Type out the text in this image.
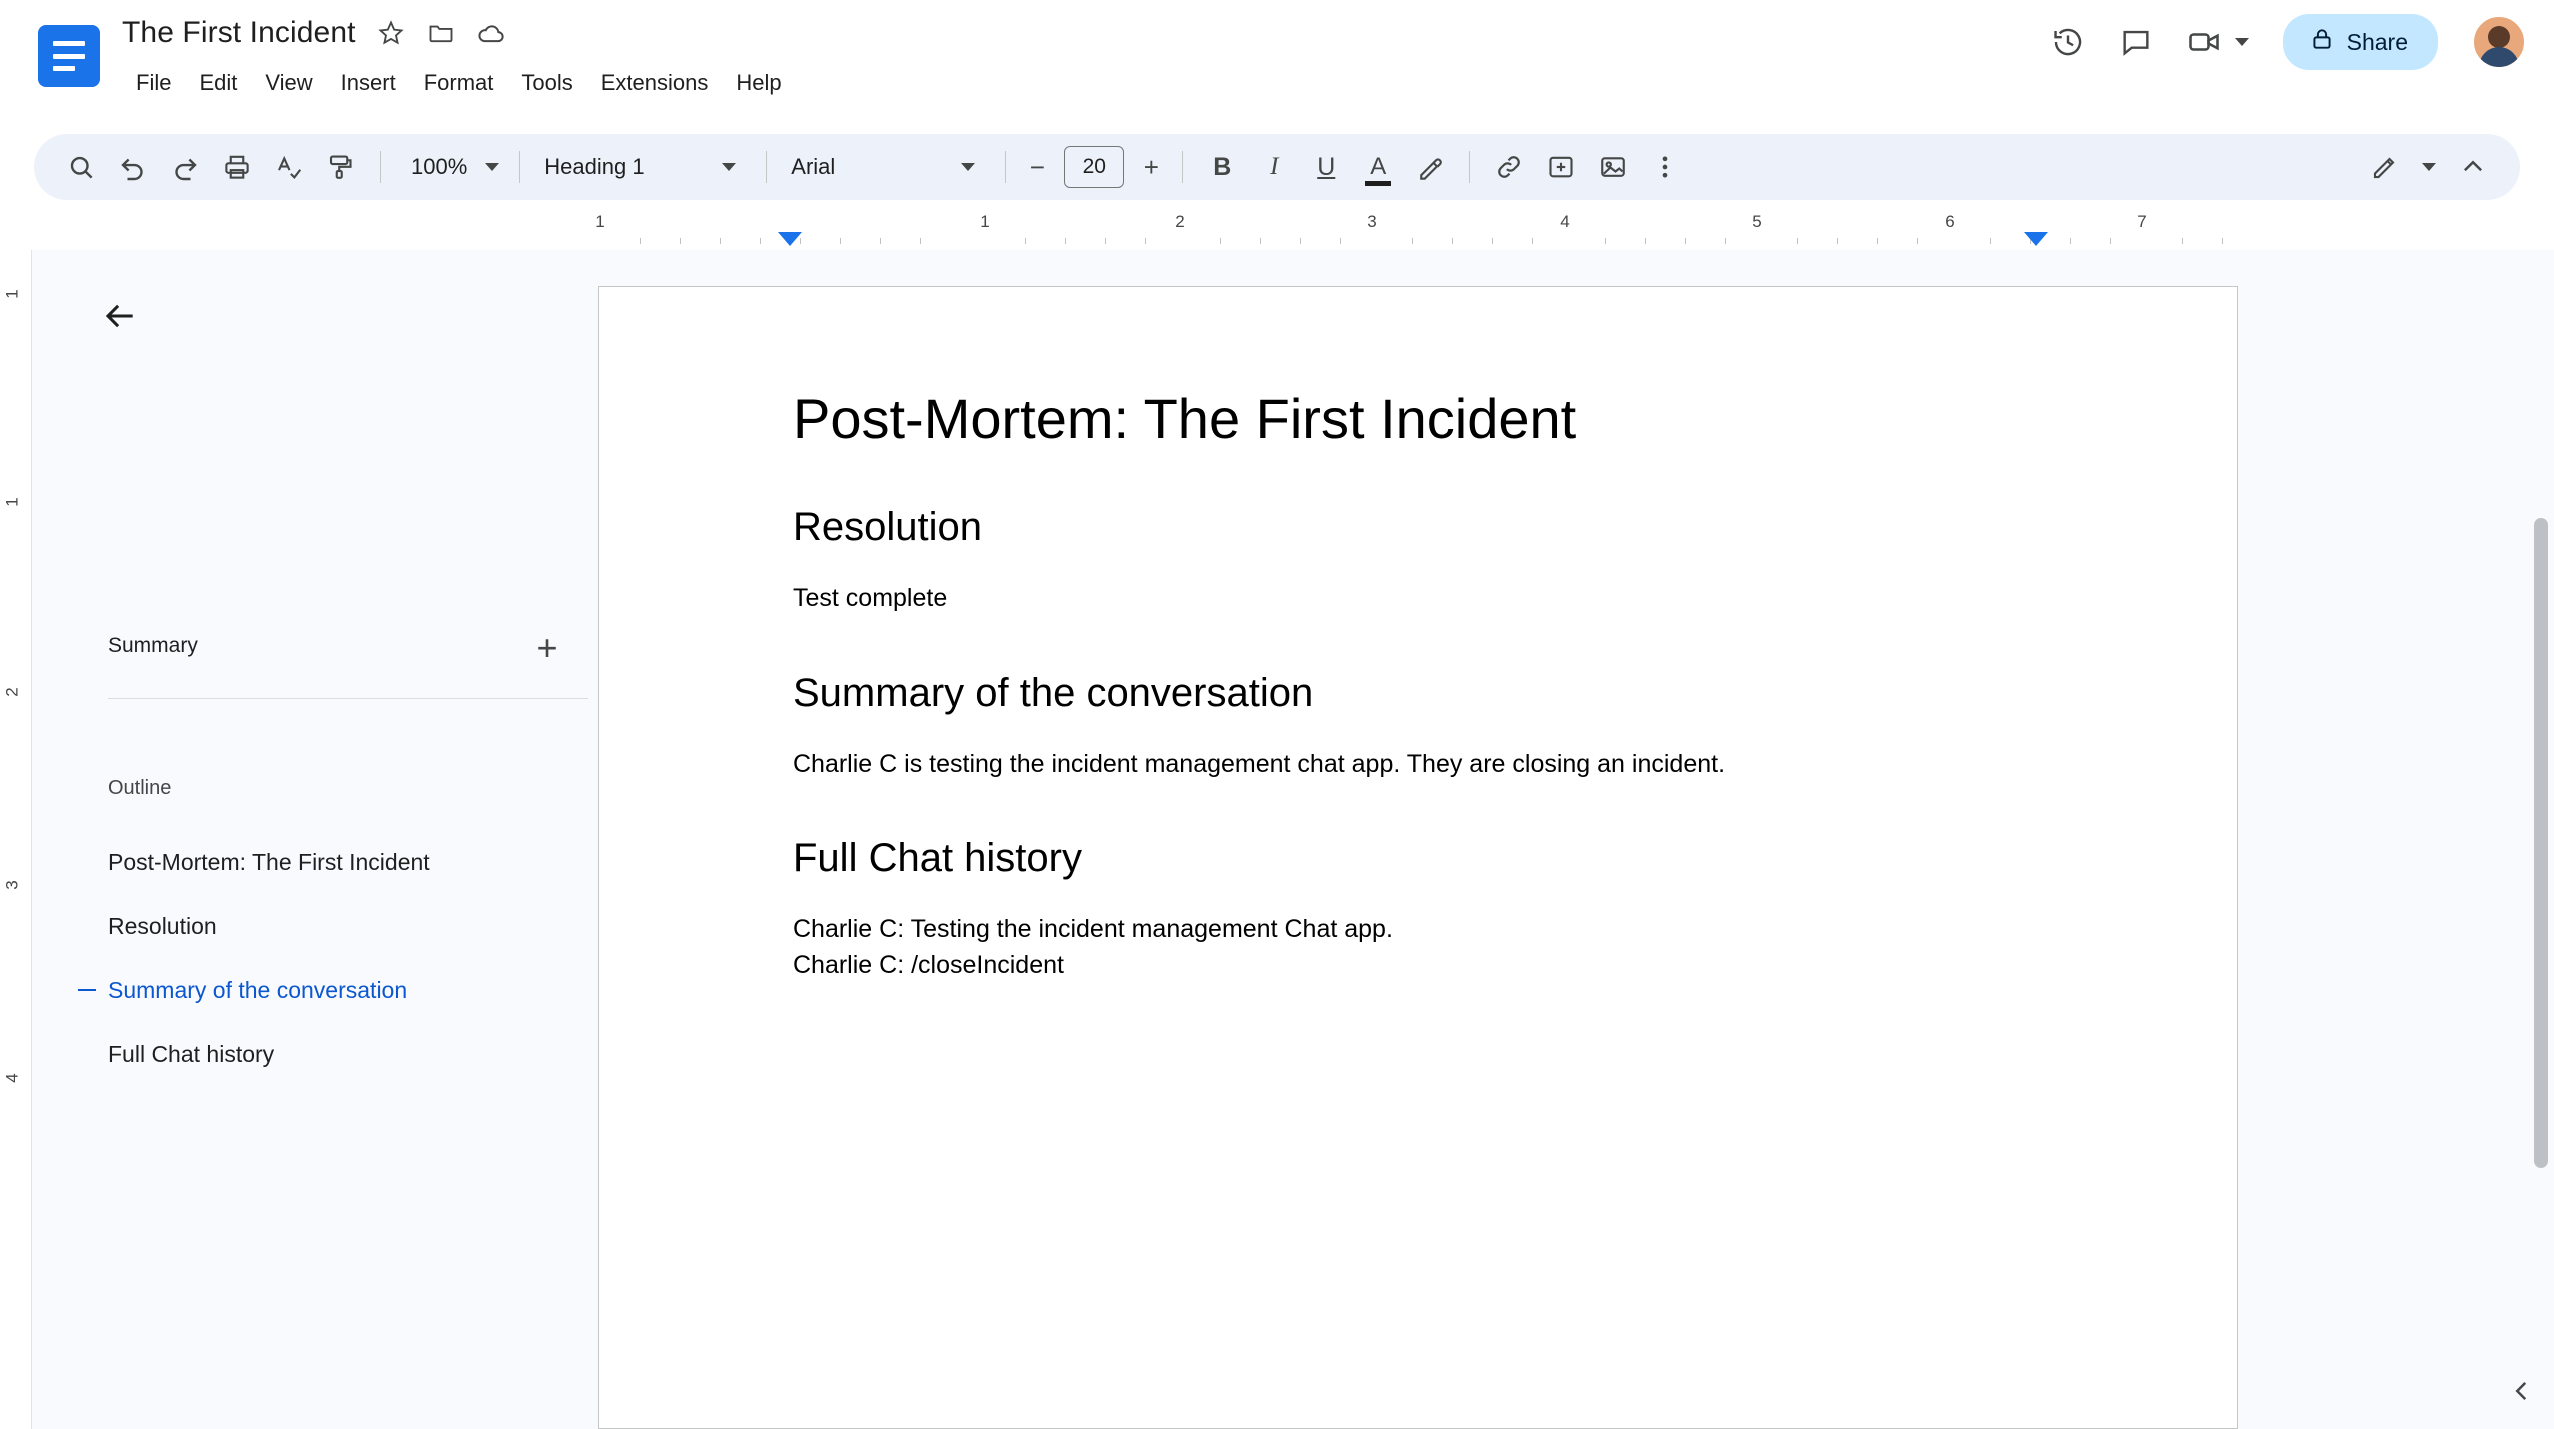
The First Incident
File	Edit	View	Insert	Format	Tools	Extensions	Help
Share
100%	Heading 1	Arial	−	20	+	B	I	U	A
1	1	2	3	4	5	6	7
1
1
2
3
4
Summary	+
Outline
Post-Mortem: The First Incident
Resolution
Summary of the conversation
Full Chat history
Post-Mortem: The First Incident
Resolution

Test complete

Summary of the conversation

Charlie C is testing the incident management chat app. They are closing an incident.

Full Chat history

Charlie C: Testing the incident management Chat app.

Charlie C: /closeIncident
